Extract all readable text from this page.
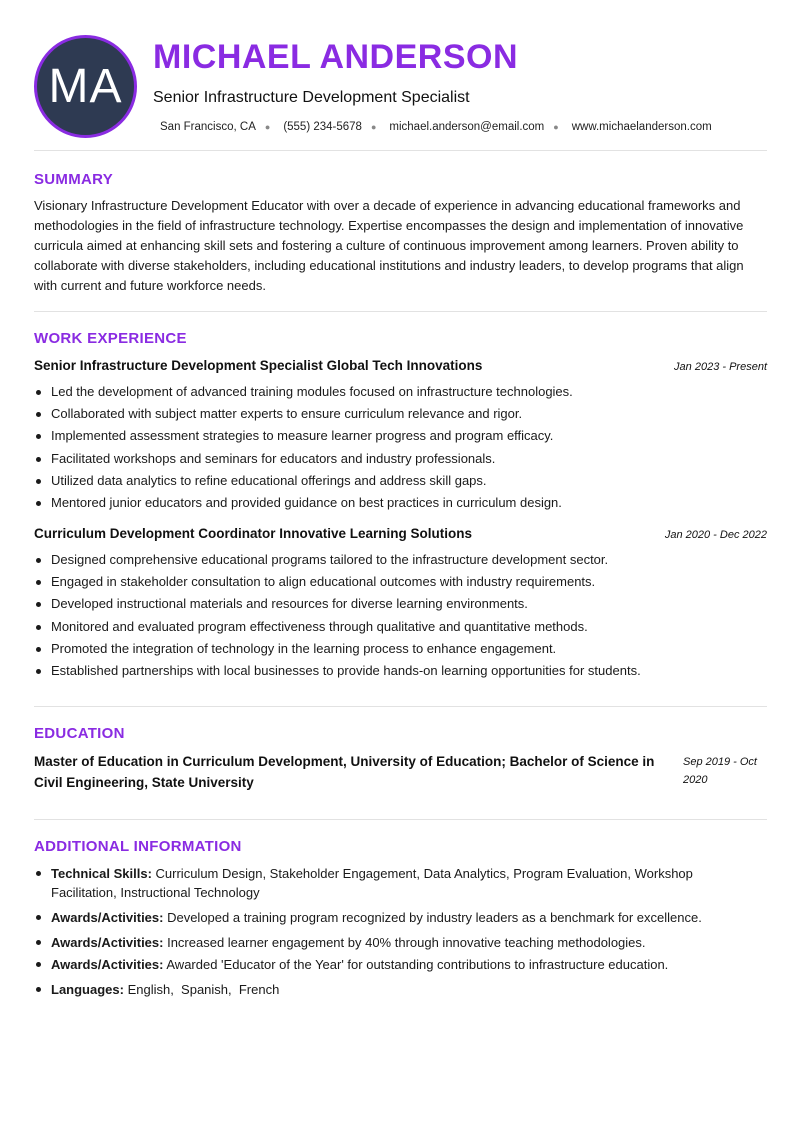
MA
MICHAEL ANDERSON
Senior Infrastructure Development Specialist
San Francisco, CA ● (555) 234-5678 ● michael.anderson@email.com ● www.michaelanderson.com
SUMMARY
Visionary Infrastructure Development Educator with over a decade of experience in advancing educational frameworks and methodologies in the field of infrastructure technology. Expertise encompasses the design and implementation of innovative curricula aimed at enhancing skill sets and fostering a culture of continuous improvement among learners. Proven ability to collaborate with diverse stakeholders, including educational institutions and industry leaders, to develop programs that align with current and future workforce needs.
WORK EXPERIENCE
Senior Infrastructure Development Specialist Global Tech Innovations	Jan 2023 - Present
Led the development of advanced training modules focused on infrastructure technologies.
Collaborated with subject matter experts to ensure curriculum relevance and rigor.
Implemented assessment strategies to measure learner progress and program efficacy.
Facilitated workshops and seminars for educators and industry professionals.
Utilized data analytics to refine educational offerings and address skill gaps.
Mentored junior educators and provided guidance on best practices in curriculum design.
Curriculum Development Coordinator Innovative Learning Solutions	Jan 2020 - Dec 2022
Designed comprehensive educational programs tailored to the infrastructure development sector.
Engaged in stakeholder consultation to align educational outcomes with industry requirements.
Developed instructional materials and resources for diverse learning environments.
Monitored and evaluated program effectiveness through qualitative and quantitative methods.
Promoted the integration of technology in the learning process to enhance engagement.
Established partnerships with local businesses to provide hands-on learning opportunities for students.
EDUCATION
Master of Education in Curriculum Development, University of Education; Bachelor of Science in Civil Engineering, State University
Sep 2019 - Oct 2020
ADDITIONAL INFORMATION
Technical Skills: Curriculum Design, Stakeholder Engagement, Data Analytics, Program Evaluation, Workshop Facilitation, Instructional Technology
Awards/Activities: Developed a training program recognized by industry leaders as a benchmark for excellence.
Awards/Activities: Increased learner engagement by 40% through innovative teaching methodologies.
Awards/Activities: Awarded 'Educator of the Year' for outstanding contributions to infrastructure education.
Languages: English,  Spanish,  French
